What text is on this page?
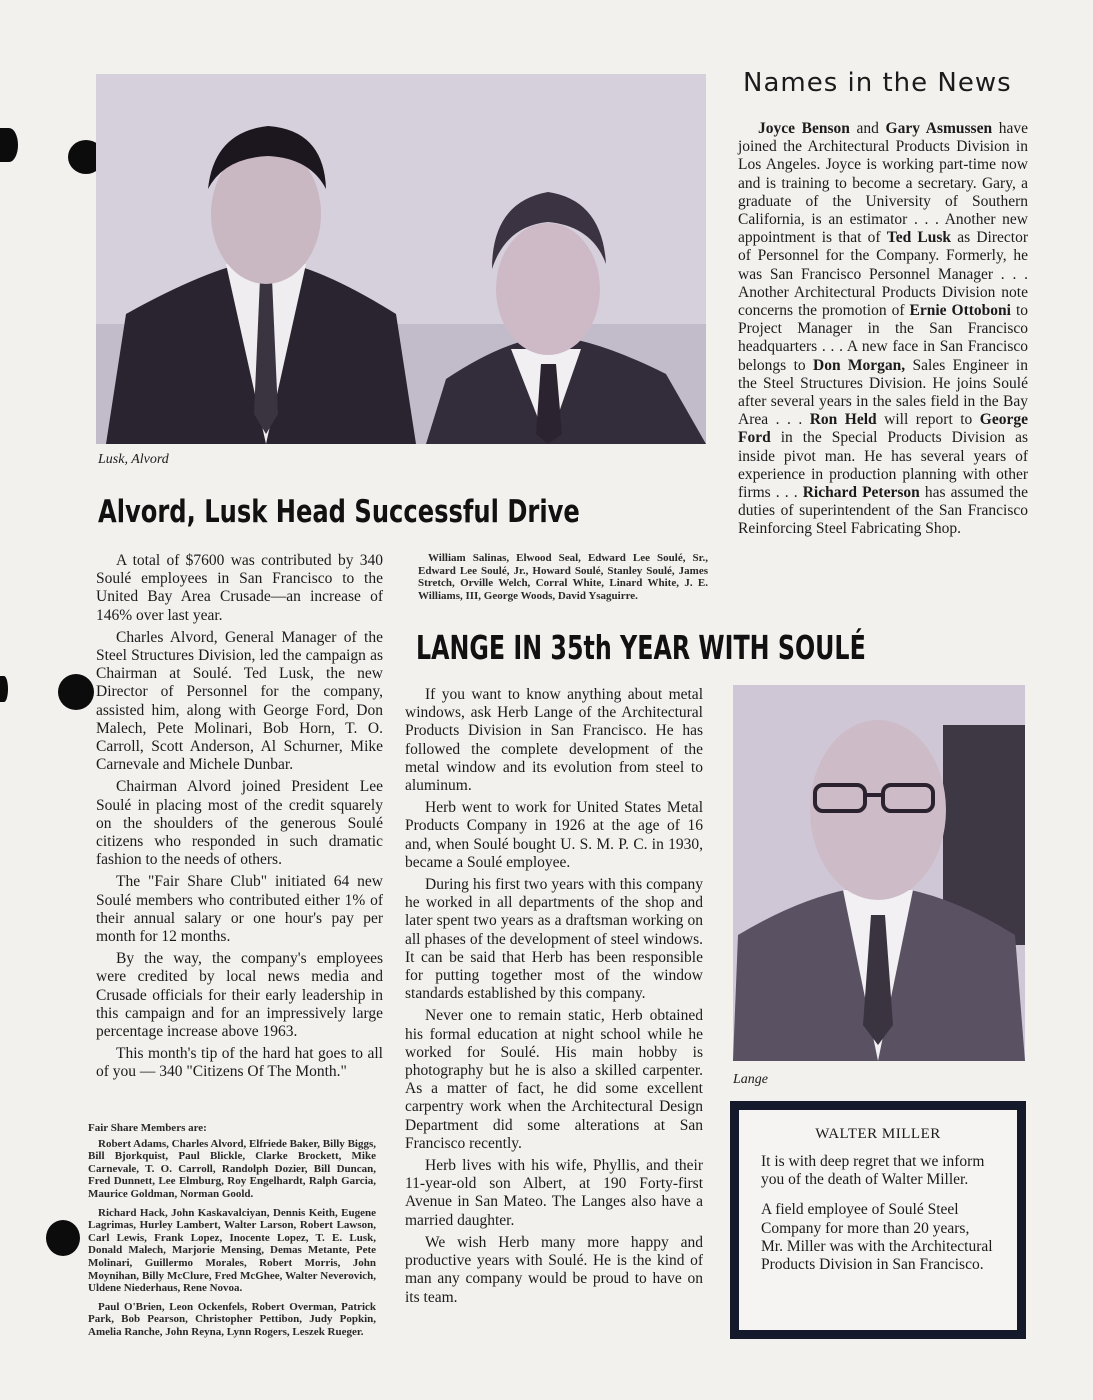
Lusk, Alvord
Alvord, Lusk Head Successful Drive

A total of $7600 was contributed by 340 Soulé employees in San Francisco to the United Bay Area Crusade—an increase of 146% over last year.

Charles Alvord, General Manager of the Steel Structures Division, led the campaign as Chairman at Soulé. Ted Lusk, the new Director of Personnel for the company, assisted him, along with George Ford, Don Malech, Pete Molinari, Bob Horn, T. O. Carroll, Scott Anderson, Al Schurner, Mike Carnevale and Michele Dunbar.

Chairman Alvord joined President Lee Soulé in placing most of the credit squarely on the shoulders of the generous Soulé citizens who responded in such dramatic fashion to the needs of others.

The "Fair Share Club" initiated 64 new Soulé members who contributed either 1% of their annual salary or one hour's pay per month for 12 months.

By the way, the company's employees were credited by local news media and Crusade officials for their early leadership in this campaign and for an impressively large percentage increase above 1963.

This month's tip of the hard hat goes to all of you — 340 "Citizens Of The Month."

Fair Share Members are:

Robert Adams, Charles Alvord, Elfriede Baker, Billy Biggs, Bill Bjorkquist, Paul Blickle, Clarke Brockett, Mike Carnevale, T. O. Carroll, Randolph Dozier, Bill Duncan, Fred Dunnett, Lee Elmburg, Roy Engelhardt, Ralph Garcia, Maurice Goldman, Norman Goold.

Richard Hack, John Kaskavalciyan, Dennis Keith, Eugene Lagrimas, Hurley Lambert, Walter Larson, Robert Lawson, Carl Lewis, Frank Lopez, Inocente Lopez, T. E. Lusk, Donald Malech, Marjorie Mensing, Demas Metante, Pete Molinari, Guillermo Morales, Robert Morris, John Moynihan, Billy McClure, Fred McGhee, Walter Neverovich, Uldene Niederhaus, Rene Novoa.

Paul O'Brien, Leon Ockenfels, Robert Overman, Patrick Park, Bob Pearson, Christopher Pettibon, Judy Popkin, Amelia Ranche, John Reyna, Lynn Rogers, Leszek Rueger.

William Salinas, Elwood Seal, Edward Lee Soulé, Sr., Edward Lee Soulé, Jr., Howard Soulé, Stanley Soulé, James Stretch, Orville Welch, Corral White, Linard White, J. E. Williams, III, George Woods, David Ysaguirre.
Names in the News
Joyce Benson and Gary Asmussen have joined the Architectural Products Division in Los Angeles. Joyce is working part-time now and is training to become a secretary. Gary, a graduate of the University of Southern California, is an estimator . . . Another new appointment is that of Ted Lusk as Director of Personnel for the Company. Formerly, he was San Francisco Personnel Manager . . . Another Architectural Products Division note concerns the promotion of Ernie Ottoboni to Project Manager in the San Francisco headquarters . . . A new face in San Francisco belongs to Don Morgan, Sales Engineer in the Steel Structures Division. He joins Soulé after several years in the sales field in the Bay Area . . . Ron Held will report to George Ford in the Special Products Division as inside pivot man. He has several years of experience in production planning with other firms . . . Richard Peterson has assumed the duties of superintendent of the San Francisco Reinforcing Steel Fabricating Shop.
LANGE IN 35th YEAR WITH SOULÉ

If you want to know anything about metal windows, ask Herb Lange of the Architectural Products Division in San Francisco. He has followed the complete development of the metal window and its evolution from steel to aluminum.

Herb went to work for United States Metal Products Company in 1926 at the age of 16 and, when Soulé bought U. S. M. P. C. in 1930, became a Soulé employee.

During his first two years with this company he worked in all departments of the shop and later spent two years as a draftsman working on all phases of the development of steel windows. It can be said that Herb has been responsible for putting together most of the window standards established by this company.

Never one to remain static, Herb obtained his formal education at night school while he worked for Soulé. His main hobby is photography but he is also a skilled carpenter. As a matter of fact, he did some excellent carpentry work when the Architectural Design Department did some alterations at San Francisco recently.

Herb lives with his wife, Phyllis, and their 11-year-old son Albert, at 190 Forty-first Avenue in San Mateo. The Langes also have a married daughter.

We wish Herb many more happy and productive years with Soulé. He is the kind of man any company would be proud to have on its team.

Lange
WALTER MILLER

It is with deep regret that we inform you of the death of Walter Miller.

A field employee of Soulé Steel Company for more than 20 years, Mr. Miller was with the Architectural Products Division in San Francisco.
